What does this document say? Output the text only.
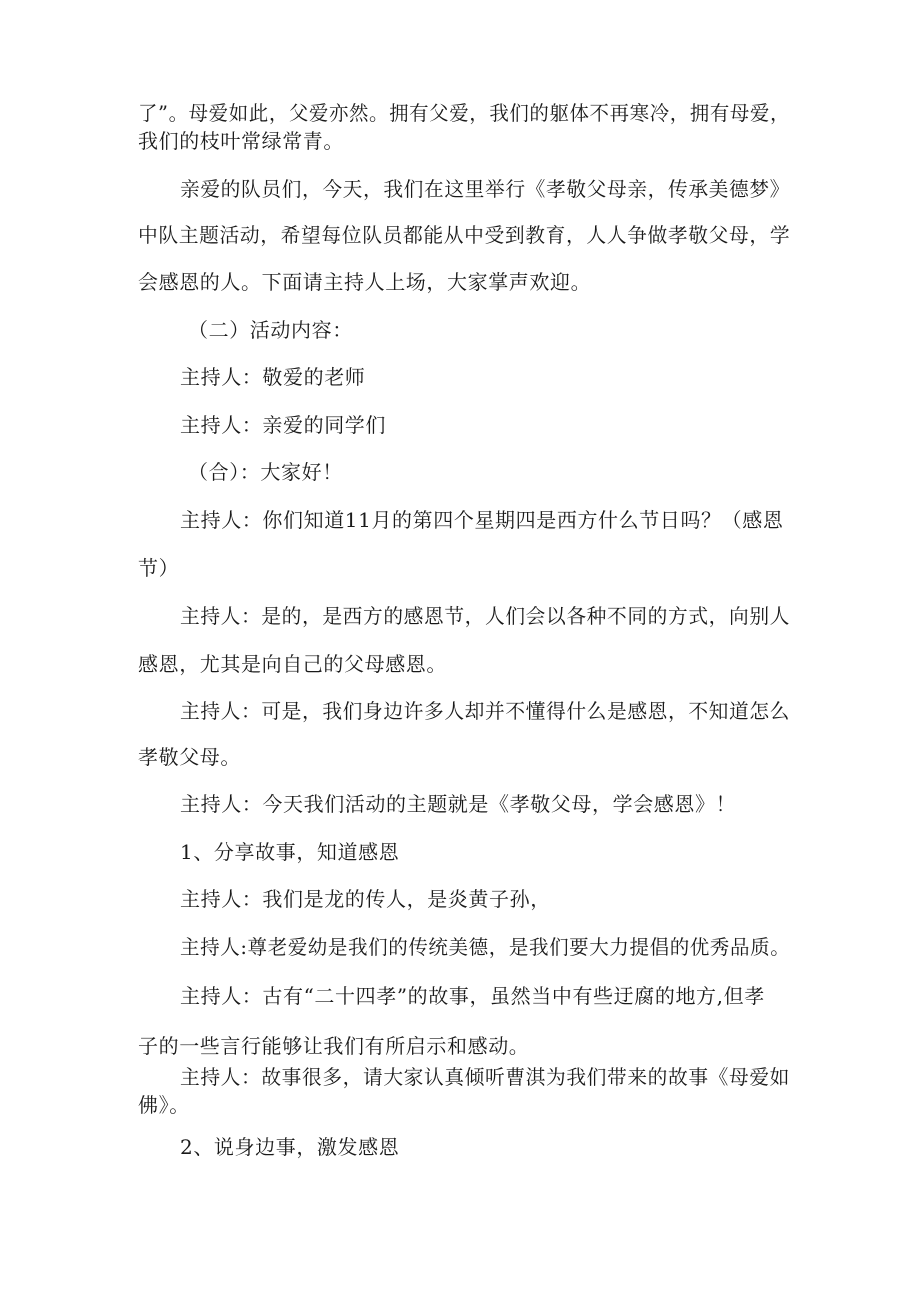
了”。母爱如此，父爱亦然。拥有父爱，我们的躯体不再寒冷，拥有母爱，
我们的枝叶常绿常青。
亲爱的队员们，今天，我们在这里举行《孝敬父母亲，传承美德梦》
中队主题活动，希望每位队员都能从中受到教育，人人争做孝敬父母，学
会感恩的人。下面请主持人上场，大家掌声欢迎。
（二）活动内容：
主持人：敬爱的老师
主持人：亲爱的同学们
（合）：大家好！
主持人：你们知道11月的第四个星期四是西方什么节日吗？（感恩
节）
主持人：是的，是西方的感恩节，人们会以各种不同的方式，向别人
感恩，尤其是向自己的父母感恩。
主持人：可是，我们身边许多人却并不懂得什么是感恩，不知道怎么
孝敬父母。
主持人：今天我们活动的主题就是《孝敬父母，学会感恩》！
1、分享故事，知道感恩
主持人：我们是龙的传人，是炎黄子孙，
主持人:尊老爱幼是我们的传统美德，是我们要大力提倡的优秀品质。
主持人：古有“二十四孝”的故事，虽然当中有些迂腐的地方,但孝
子的一些言行能够让我们有所启示和感动。
主持人：故事很多，请大家认真倾听曹淇为我们带来的故事《母爱如
佛》。
2、说身边事，激发感恩
